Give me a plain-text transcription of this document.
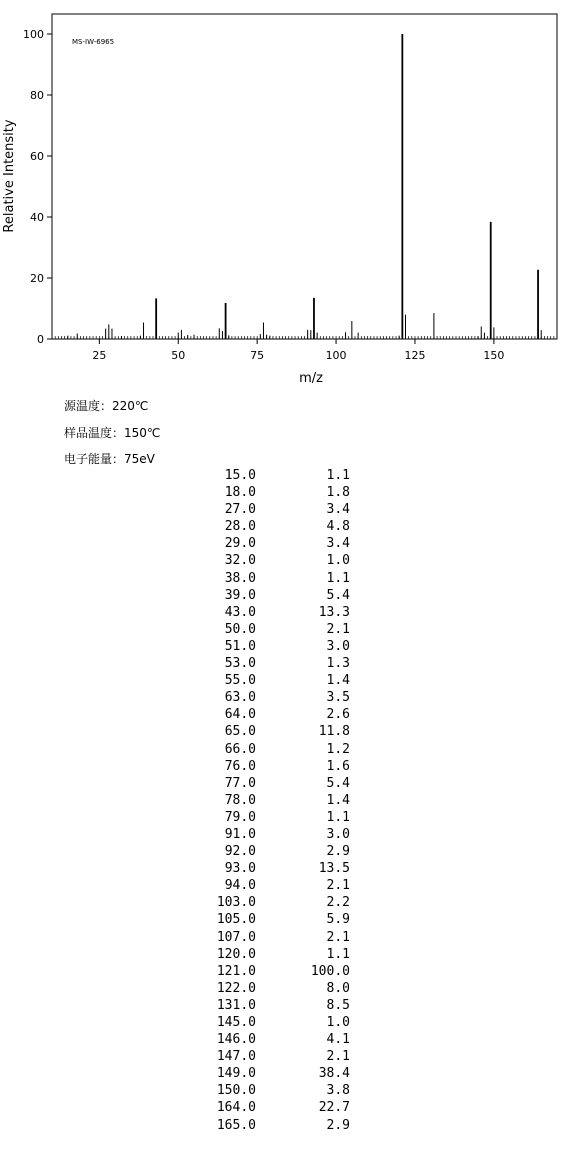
MS-IW-6965
Relative Intensity
m/z
25	50	75	100	125	150
0
20
40
60
80
100
源温度：220℃
样品温度：150℃
电子能量：75eV
15.0	1.1
18.0	1.8
27.0	3.4
28.0	4.8
29.0	3.4
32.0	1.0
38.0	1.1
39.0	5.4
43.0	13.3
50.0	2.1
51.0	3.0
53.0	1.3
55.0	1.4
63.0	3.5
64.0	2.6
65.0	11.8
66.0	1.2
76.0	1.6
77.0	5.4
78.0	1.4
79.0	1.1
91.0	3.0
92.0	2.9
93.0	13.5
94.0	2.1
103.0	2.2
105.0	5.9
107.0	2.1
120.0	1.1
121.0	100.0
122.0	8.0
131.0	8.5
145.0	1.0
146.0	4.1
147.0	2.1
149.0	38.4
150.0	3.8
164.0	22.7
165.0	2.9
